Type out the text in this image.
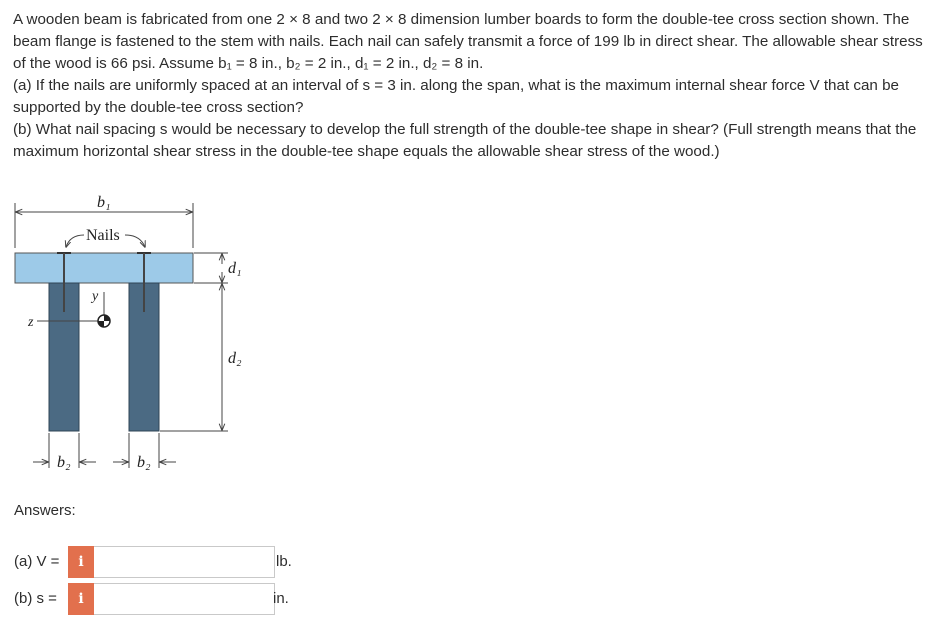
A wooden beam is fabricated from one 2 × 8 and two 2 × 8 dimension lumber boards to form the double-tee cross section shown. The beam flange is fastened to the stem with nails. Each nail can safely transmit a force of 199 lb in direct shear. The allowable shear stress of the wood is 66 psi. Assume b₁ = 8 in., b₂ = 2 in., d₁ = 2 in., d₂ = 8 in.

(a) If the nails are uniformly spaced at an interval of s = 3 in. along the span, what is the maximum internal shear force V that can be supported by the double-tee cross section?

(b) What nail spacing s would be necessary to develop the full strength of the double-tee shape in shear? (Full strength means that the maximum horizontal shear stress in the double-tee shape equals the allowable shear stress of the wood.)

b₁
Nails
y
z
d₁
d₂
b₂	b₂
Answers:
(a) V =	i	lb.
(b) s =	i	in.
